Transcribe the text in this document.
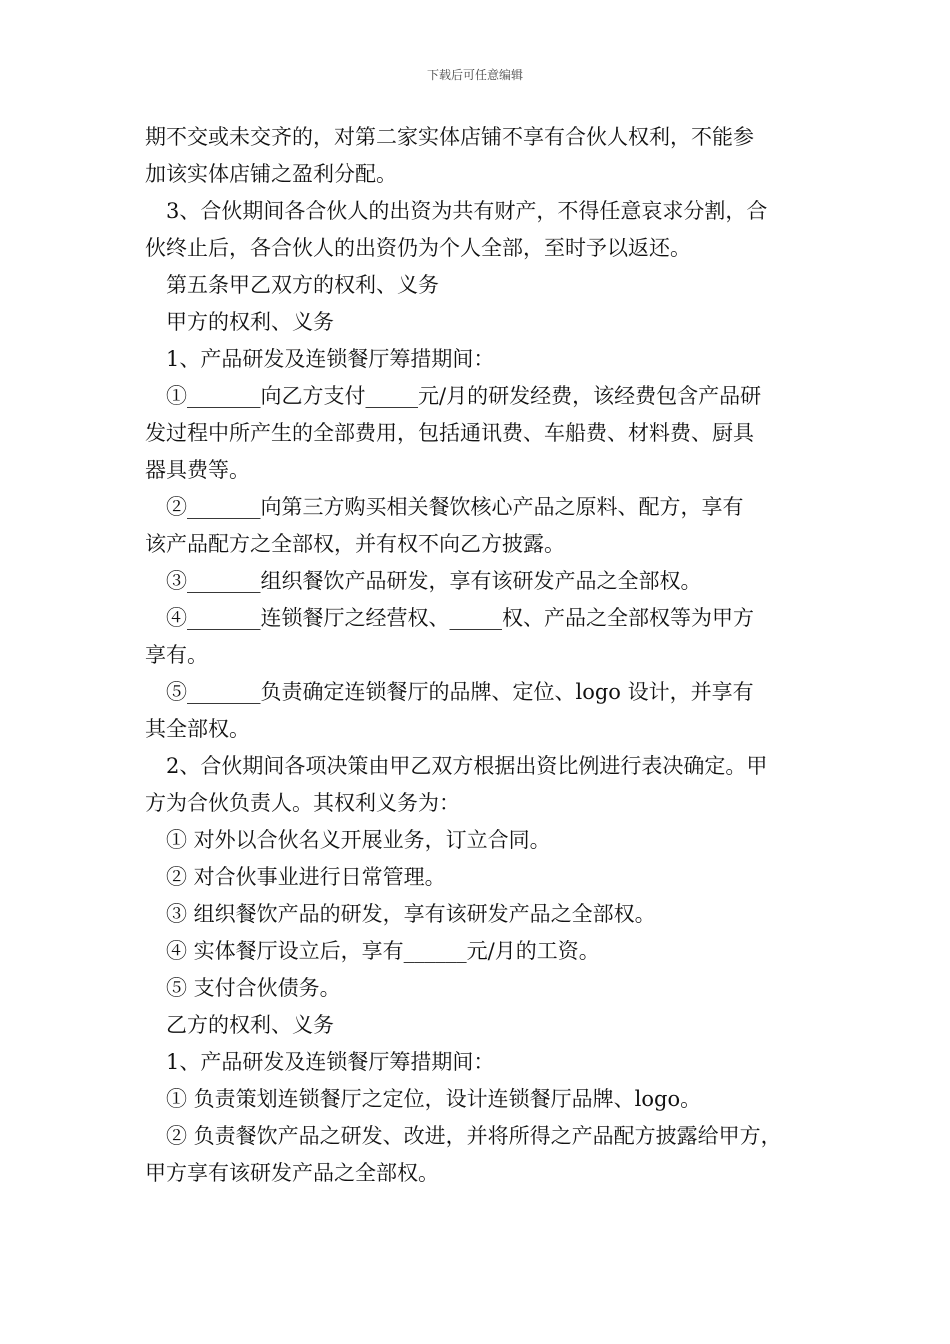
下载后可任意编辑
期不交或未交齐的，对第二家实体店铺不享有合伙人权利，不能参
加该实体店铺之盈利分配。
3、合伙期间各合伙人的出资为共有财产，不得任意哀求分割，合
伙终止后，各合伙人的出资仍为个人全部，至时予以返还。
第五条甲乙双方的权利、义务
甲方的权利、义务
1、产品研发及连锁餐厅筹措期间：
①_______向乙方支付_____元/月的研发经费，该经费包含产品研
发过程中所产生的全部费用，包括通讯费、车船费、材料费、厨具
器具费等。
②_______向第三方购买相关餐饮核心产品之原料、配方，享有
该产品配方之全部权，并有权不向乙方披露。
③_______组织餐饮产品研发，享有该研发产品之全部权。
④_______连锁餐厅之经营权、_____权、产品之全部权等为甲方
享有。
⑤_______负责确定连锁餐厅的品牌、定位、logo 设计，并享有
其全部权。
2、合伙期间各项决策由甲乙双方根据出资比例进行表决确定。甲
方为合伙负责人。其权利义务为：
① 对外以合伙名义开展业务，订立合同。
② 对合伙事业进行日常管理。
③ 组织餐饮产品的研发，享有该研发产品之全部权。
④ 实体餐厅设立后，享有______元/月的工资。
⑤ 支付合伙债务。
乙方的权利、义务
1、产品研发及连锁餐厅筹措期间：
① 负责策划连锁餐厅之定位，设计连锁餐厅品牌、logo。
② 负责餐饮产品之研发、改进，并将所得之产品配方披露给甲方，
甲方享有该研发产品之全部权。
